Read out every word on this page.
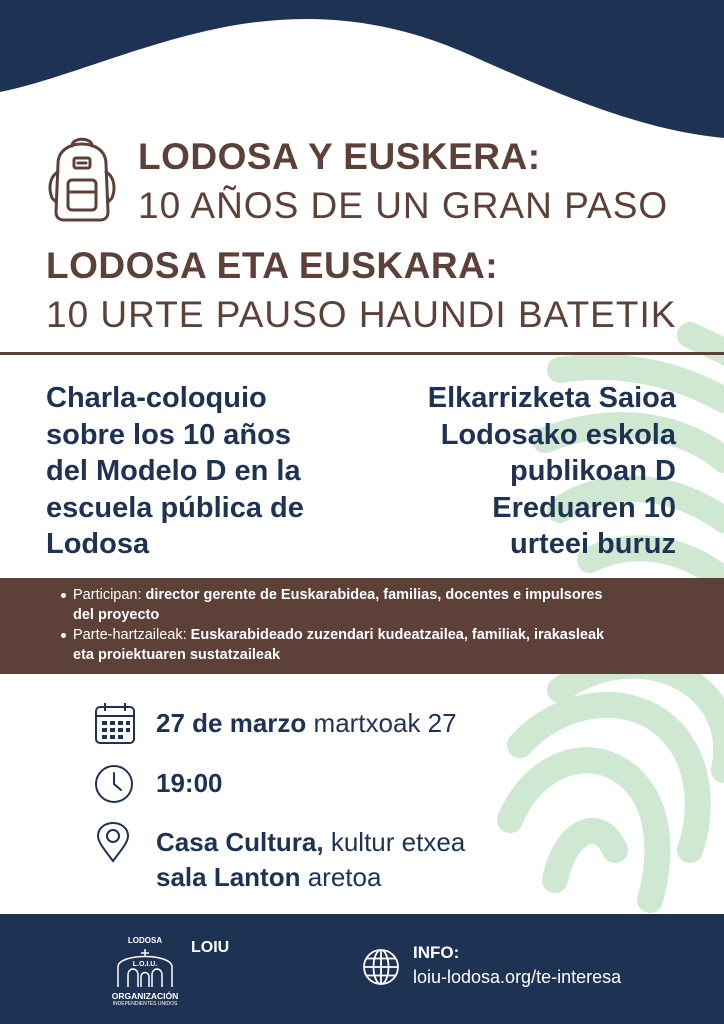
LODOSA Y EUSKERA:
10 AÑOS DE UN GRAN PASO
LODOSA ETA EUSKARA:
10 URTE PAUSO HAUNDI BATETIK
Charla-coloquio
sobre los 10 años
del Modelo D en la
escuela pública de
Lodosa
Elkarrizketa Saioa
Lodosako eskola
publikoan D
Ereduaren 10
urteei buruz
Participan: director gerente de Euskarabidea, familias, docentes e impulsores
del proyecto
Parte-hartzaileak: Euskarabideado zuzendari kudeatzailea, familiak, irakasleak
eta proiektuaren sustatzaileak
27 de marzo martxoak 27
19:00
Casa Cultura, kultur etxea
sala Lanton aretoa
LODOSA
L.O.I.U.
ORGANIZACIÓN
INDEPENDIENTES UNIDOS
LOIU	INFO:
loiu-lodosa.org/te-interesa
